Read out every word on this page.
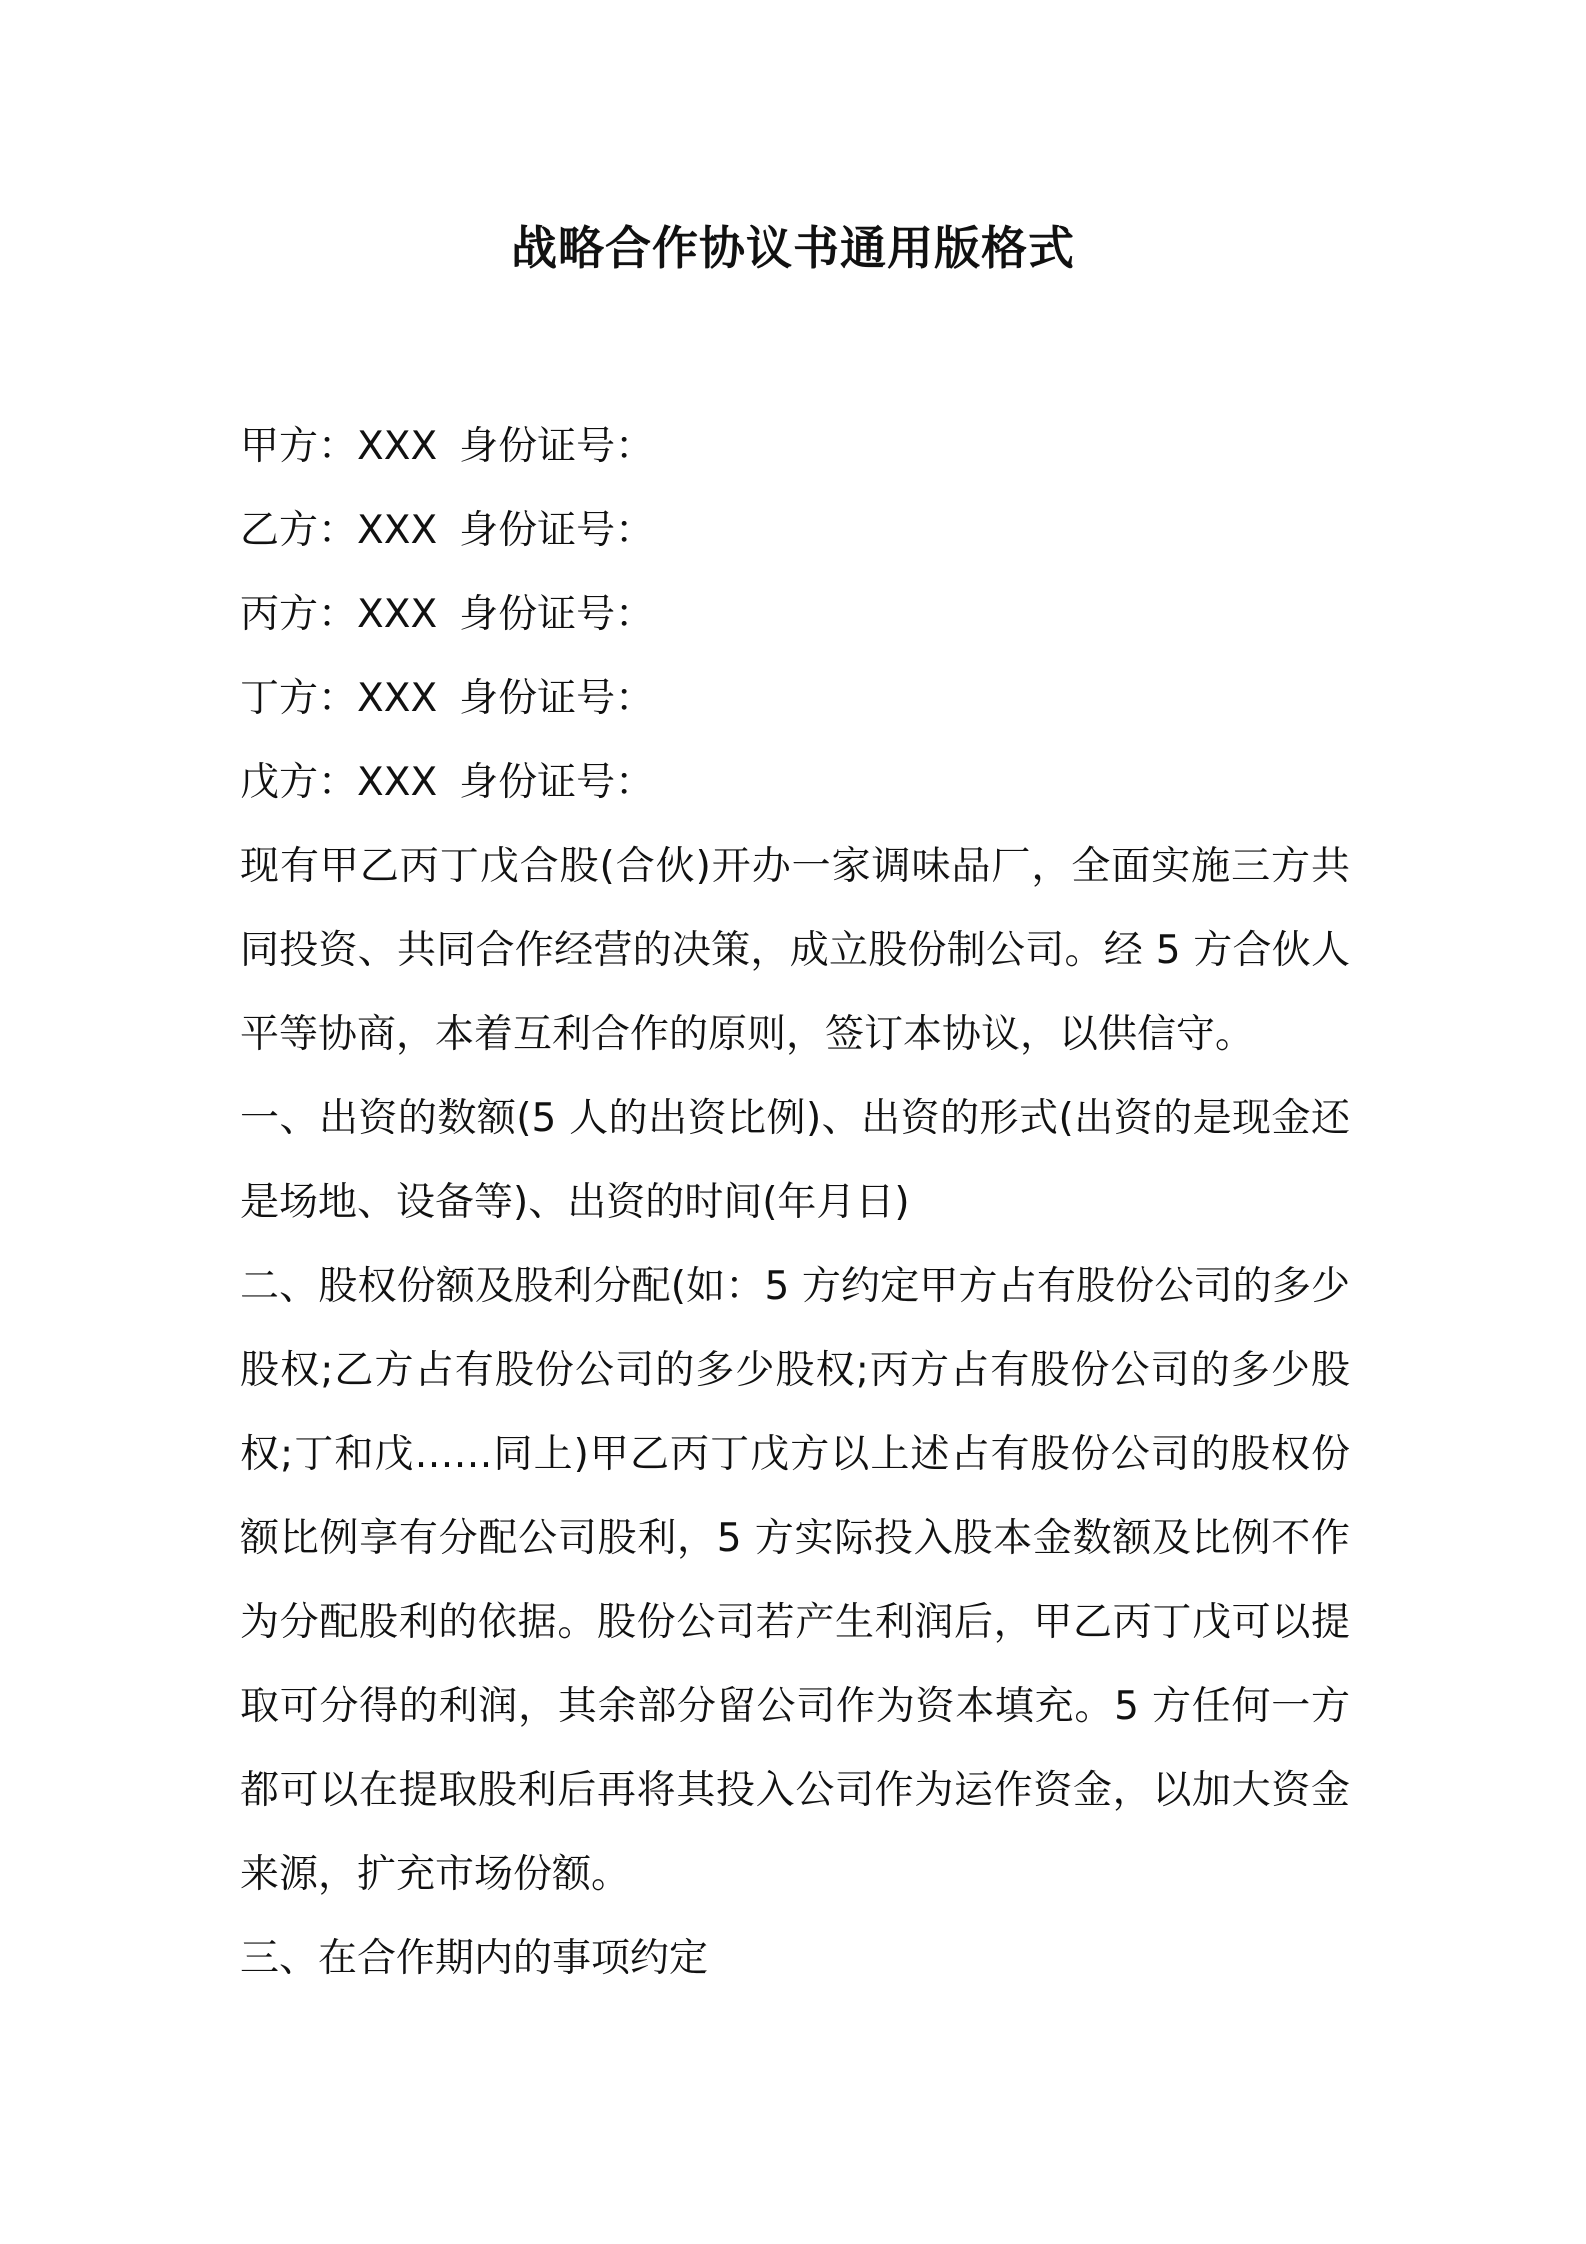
战略合作协议书通用版格式
甲方：XXX 身份证号：
乙方：XXX 身份证号：
丙方：XXX 身份证号：
丁方：XXX 身份证号：
戊方：XXX 身份证号：

现有甲乙丙丁戊合股(合伙)开办一家调味品厂，全面实施三方共同投资、共同合作经营的决策，成立股份制公司。经 5 方合伙人平等协商，本着互利合作的原则，签订本协议，以供信守。

一、出资的数额(5 人的出资比例)、出资的形式(出资的是现金还是场地、设备等)、出资的时间(年月日)

二、股权份额及股利分配(如：5 方约定甲方占有股份公司的多少股权;乙方占有股份公司的多少股权;丙方占有股份公司的多少股权;丁和戊……同上)甲乙丙丁戊方以上述占有股份公司的股权份额比例享有分配公司股利，5 方实际投入股本金数额及比例不作为分配股利的依据。股份公司若产生利润后，甲乙丙丁戊可以提取可分得的利润，其余部分留公司作为资本填充。5 方任何一方都可以在提取股利后再将其投入公司作为运作资金，以加大资金来源，扩充市场份额。

三、在合作期内的事项约定
